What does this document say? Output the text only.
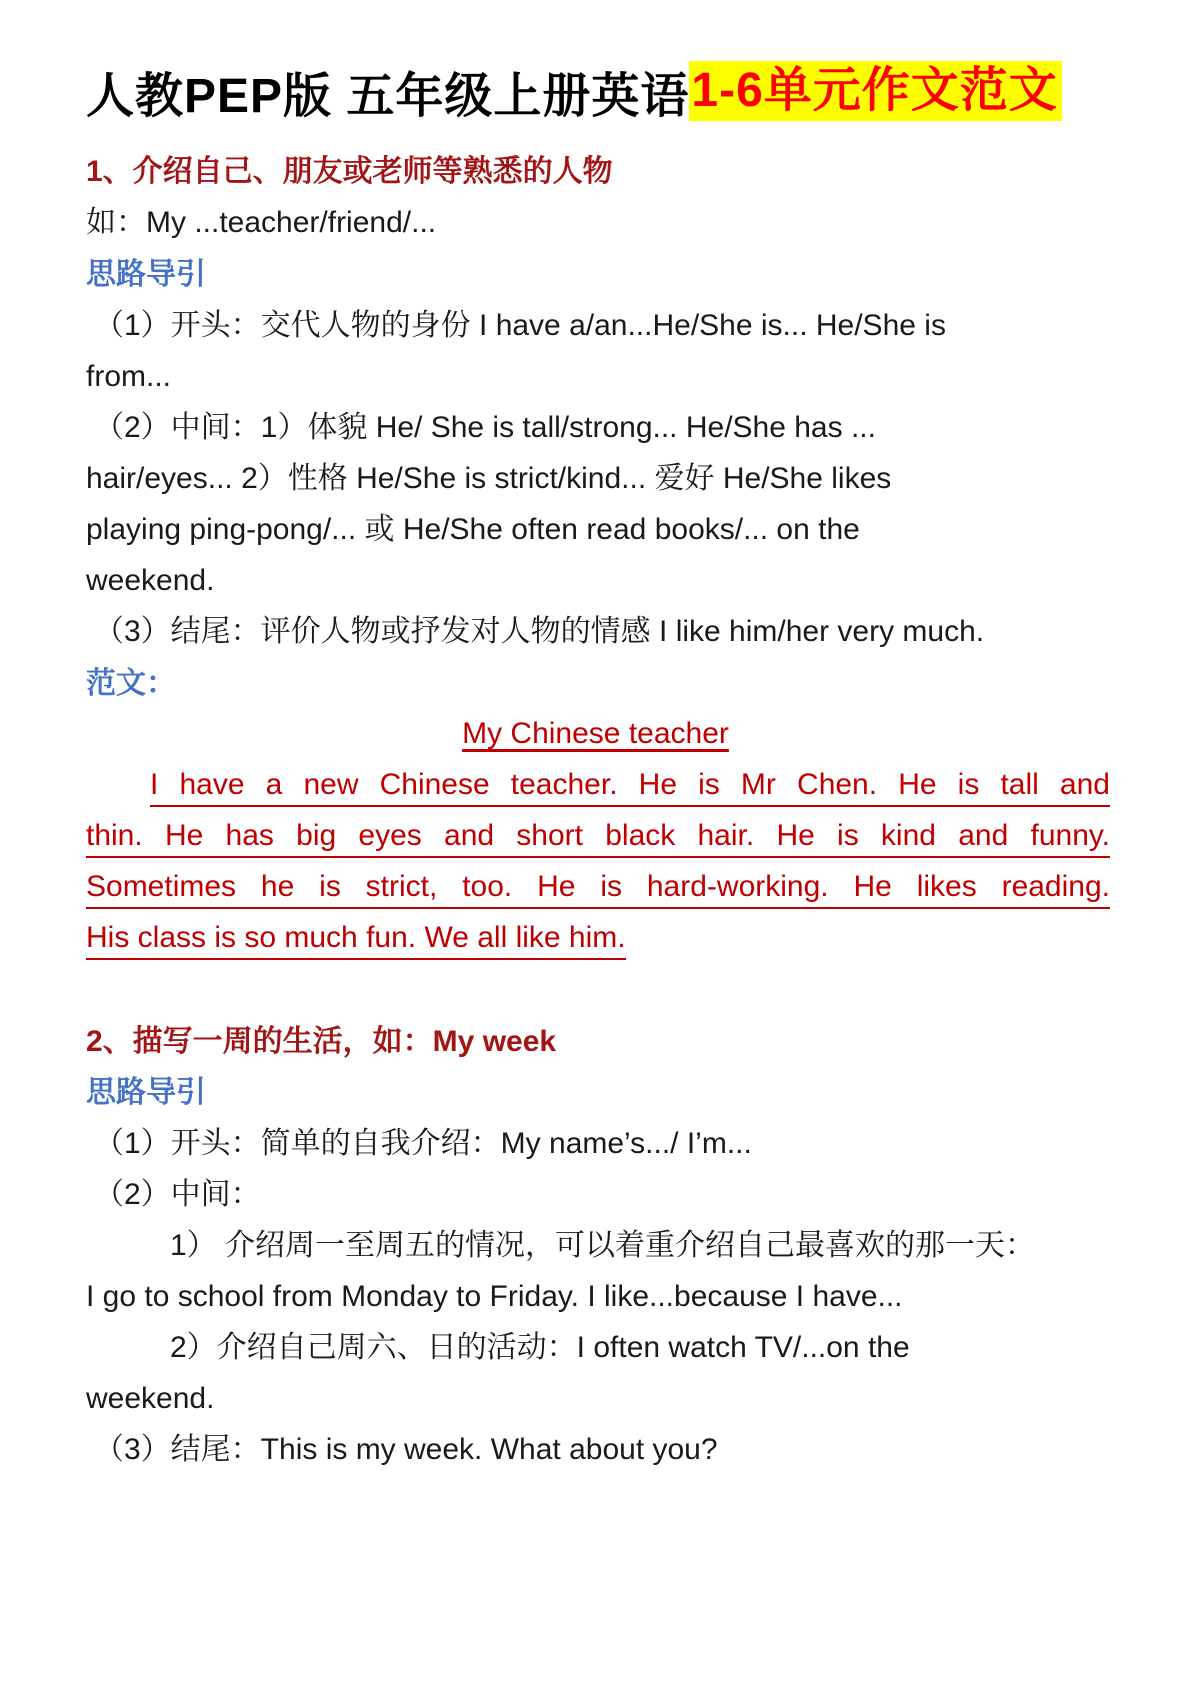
人教PEP版 五年级上册英语 1-6单元作文范文
1、介绍自己、朋友或老师等熟悉的人物
如：My ...teacher/friend/...
思路导引
（1）开头：交代人物的身份 I have a/an...He/She is... He/She is
from...
（2）中间：1）体貌 He/ She is tall/strong... He/She has ...
hair/eyes... 2）性格 He/She is strict/kind... 爱好 He/She likes
playing ping-pong/... 或 He/She often read books/... on the
weekend.
（3）结尾：评价人物或抒发对人物的情感 I like him/her very much.
范文：
My Chinese teacher
I have a new Chinese teacher. He is Mr Chen. He is tall and
thin. He has big eyes and short black hair. He is kind and funny.
Sometimes he is strict, too. He is hard-working. He likes reading.
His class is so much fun. We all like him.
2、描写一周的生活，如：My week
思路导引
（1）开头：简单的自我介绍：My name’s.../ I’m...
（2）中间：
1） 介绍周一至周五的情况，可以着重介绍自己最喜欢的那一天：
I go to school from Monday to Friday. I like...because I have...
2）介绍自己周六、日的活动：I often watch TV/...on the
weekend.
（3）结尾：This is my week. What about you?
